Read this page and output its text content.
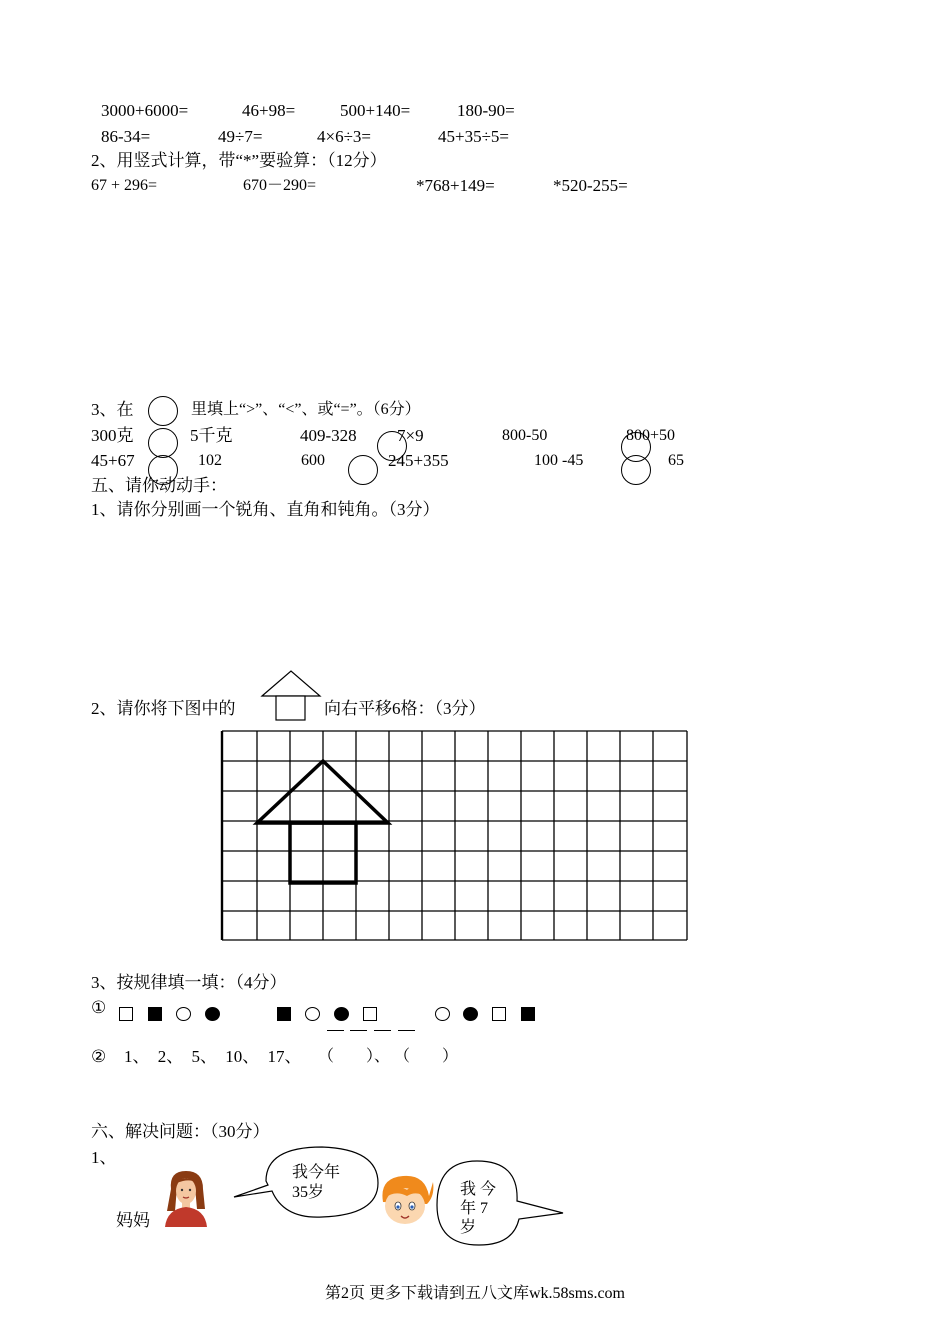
3000+6000=	46+98=	500+140=	180-90=
86-34=	49÷7=	4×6÷3=	45+35÷5=
2、用竖式计算，带“*”要验算：（12分）
67 + 296=	670－290=	*768+149=	*520-255=
3、在	里填上“>”、“<”、或“=”。（6分）
300克	5千克	409-328 7×9	800-50	800+50
45+67	102	600	245+355	100 -45	65
五、请你动动手：
1、请你分别画一个锐角、直角和钝角。（3分）
2、请你将下图中的	向右平移6格：（3分）
3、按规律填一填：（4分）
①
② 1、 2、 5、 10、 17、 （　　）、 （　　）
六、解决问题：（30分）
1、
妈妈
我今年
35岁	我 今
年 7
岁
第2页 更多下载请到五八文库wk.58sms.com
